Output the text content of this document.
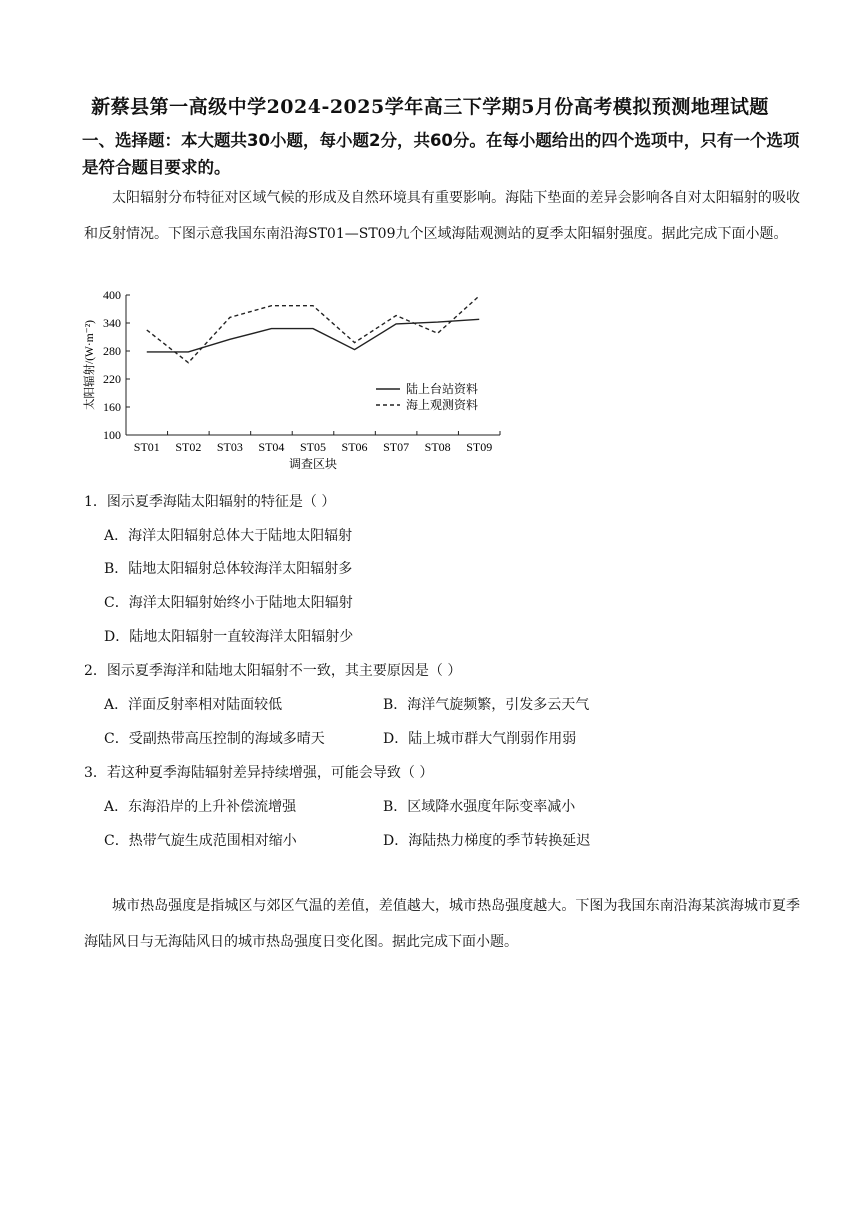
新蔡县第一高级中学2024-2025学年高三下学期5月份高考模拟预测地理试题
一、选择题：本大题共30小题，每小题2分，共60分。在每小题给出的四个选项中，只有一个选项是符合题目要求的。
太阳辐射分布特征对区域气候的形成及自然环境具有重要影响。海陆下垫面的差异会影响各自对太阳辐射的吸收和反射情况。下图示意我国东南沿海ST01—ST09九个区域海陆观测站的夏季太阳辐射强度。据此完成下面小题。
100
160
220
280
340
400
ST01 ST02 ST03 ST04 ST05 ST06 ST07 ST08 ST09
调查区块
太阳辐射/(W·m⁻²)	陆上台站资料
海上观测资料
1．图示夏季海陆太阳辐射的特征是（ ）
A．海洋太阳辐射总体大于陆地太阳辐射
B．陆地太阳辐射总体较海洋太阳辐射多
C．海洋太阳辐射始终小于陆地太阳辐射
D．陆地太阳辐射一直较海洋太阳辐射少
2．图示夏季海洋和陆地太阳辐射不一致，其主要原因是（ ）
A．洋面反射率相对陆面较低	B．海洋气旋频繁，引发多云天气
C．受副热带高压控制的海域多晴天	D．陆上城市群大气削弱作用弱
3．若这种夏季海陆辐射差异持续增强，可能会导致（ ）
A．东海沿岸的上升补偿流增强	B．区域降水强度年际变率减小
C．热带气旋生成范围相对缩小	D．海陆热力梯度的季节转换延迟
城市热岛强度是指城区与郊区气温的差值，差值越大，城市热岛强度越大。下图为我国东南沿海某滨海城市夏季海陆风日与无海陆风日的城市热岛强度日变化图。据此完成下面小题。
